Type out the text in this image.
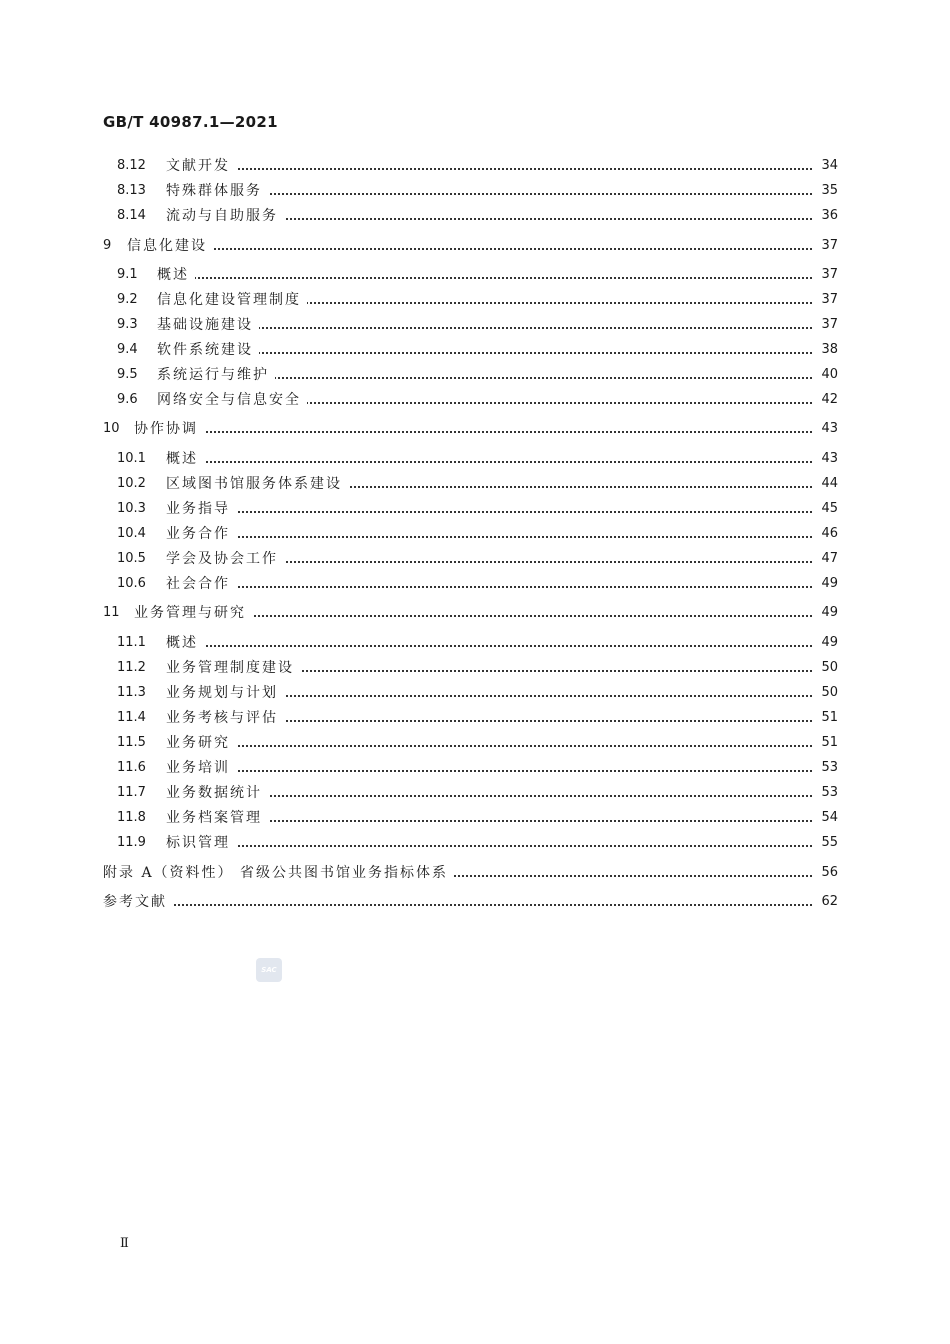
GB/T 40987.1—2021
8.12 文献开发	34
8.13 特殊群体服务	35
8.14 流动与自助服务	36
9 信息化建设	37
9.1 概述	37
9.2 信息化建设管理制度	37
9.3 基础设施建设	37
9.4 软件系统建设	38
9.5 系统运行与维护	40
9.6 网络安全与信息安全	42
10 协作协调	43
10.1 概述	43
10.2 区域图书馆服务体系建设	44
10.3 业务指导	45
10.4 业务合作	46
10.5 学会及协会工作	47
10.6 社会合作	49
11 业务管理与研究	49
11.1 概述	49
11.2 业务管理制度建设	50
11.3 业务规划与计划	50
11.4 业务考核与评估	51
11.5 业务研究	51
11.6 业务培训	53
11.7 业务数据统计	53
11.8 业务档案管理	54
11.9 标识管理	55
附录 A（资料性） 省级公共图书馆业务指标体系	56
参考文献	62
SAC
Ⅱ
